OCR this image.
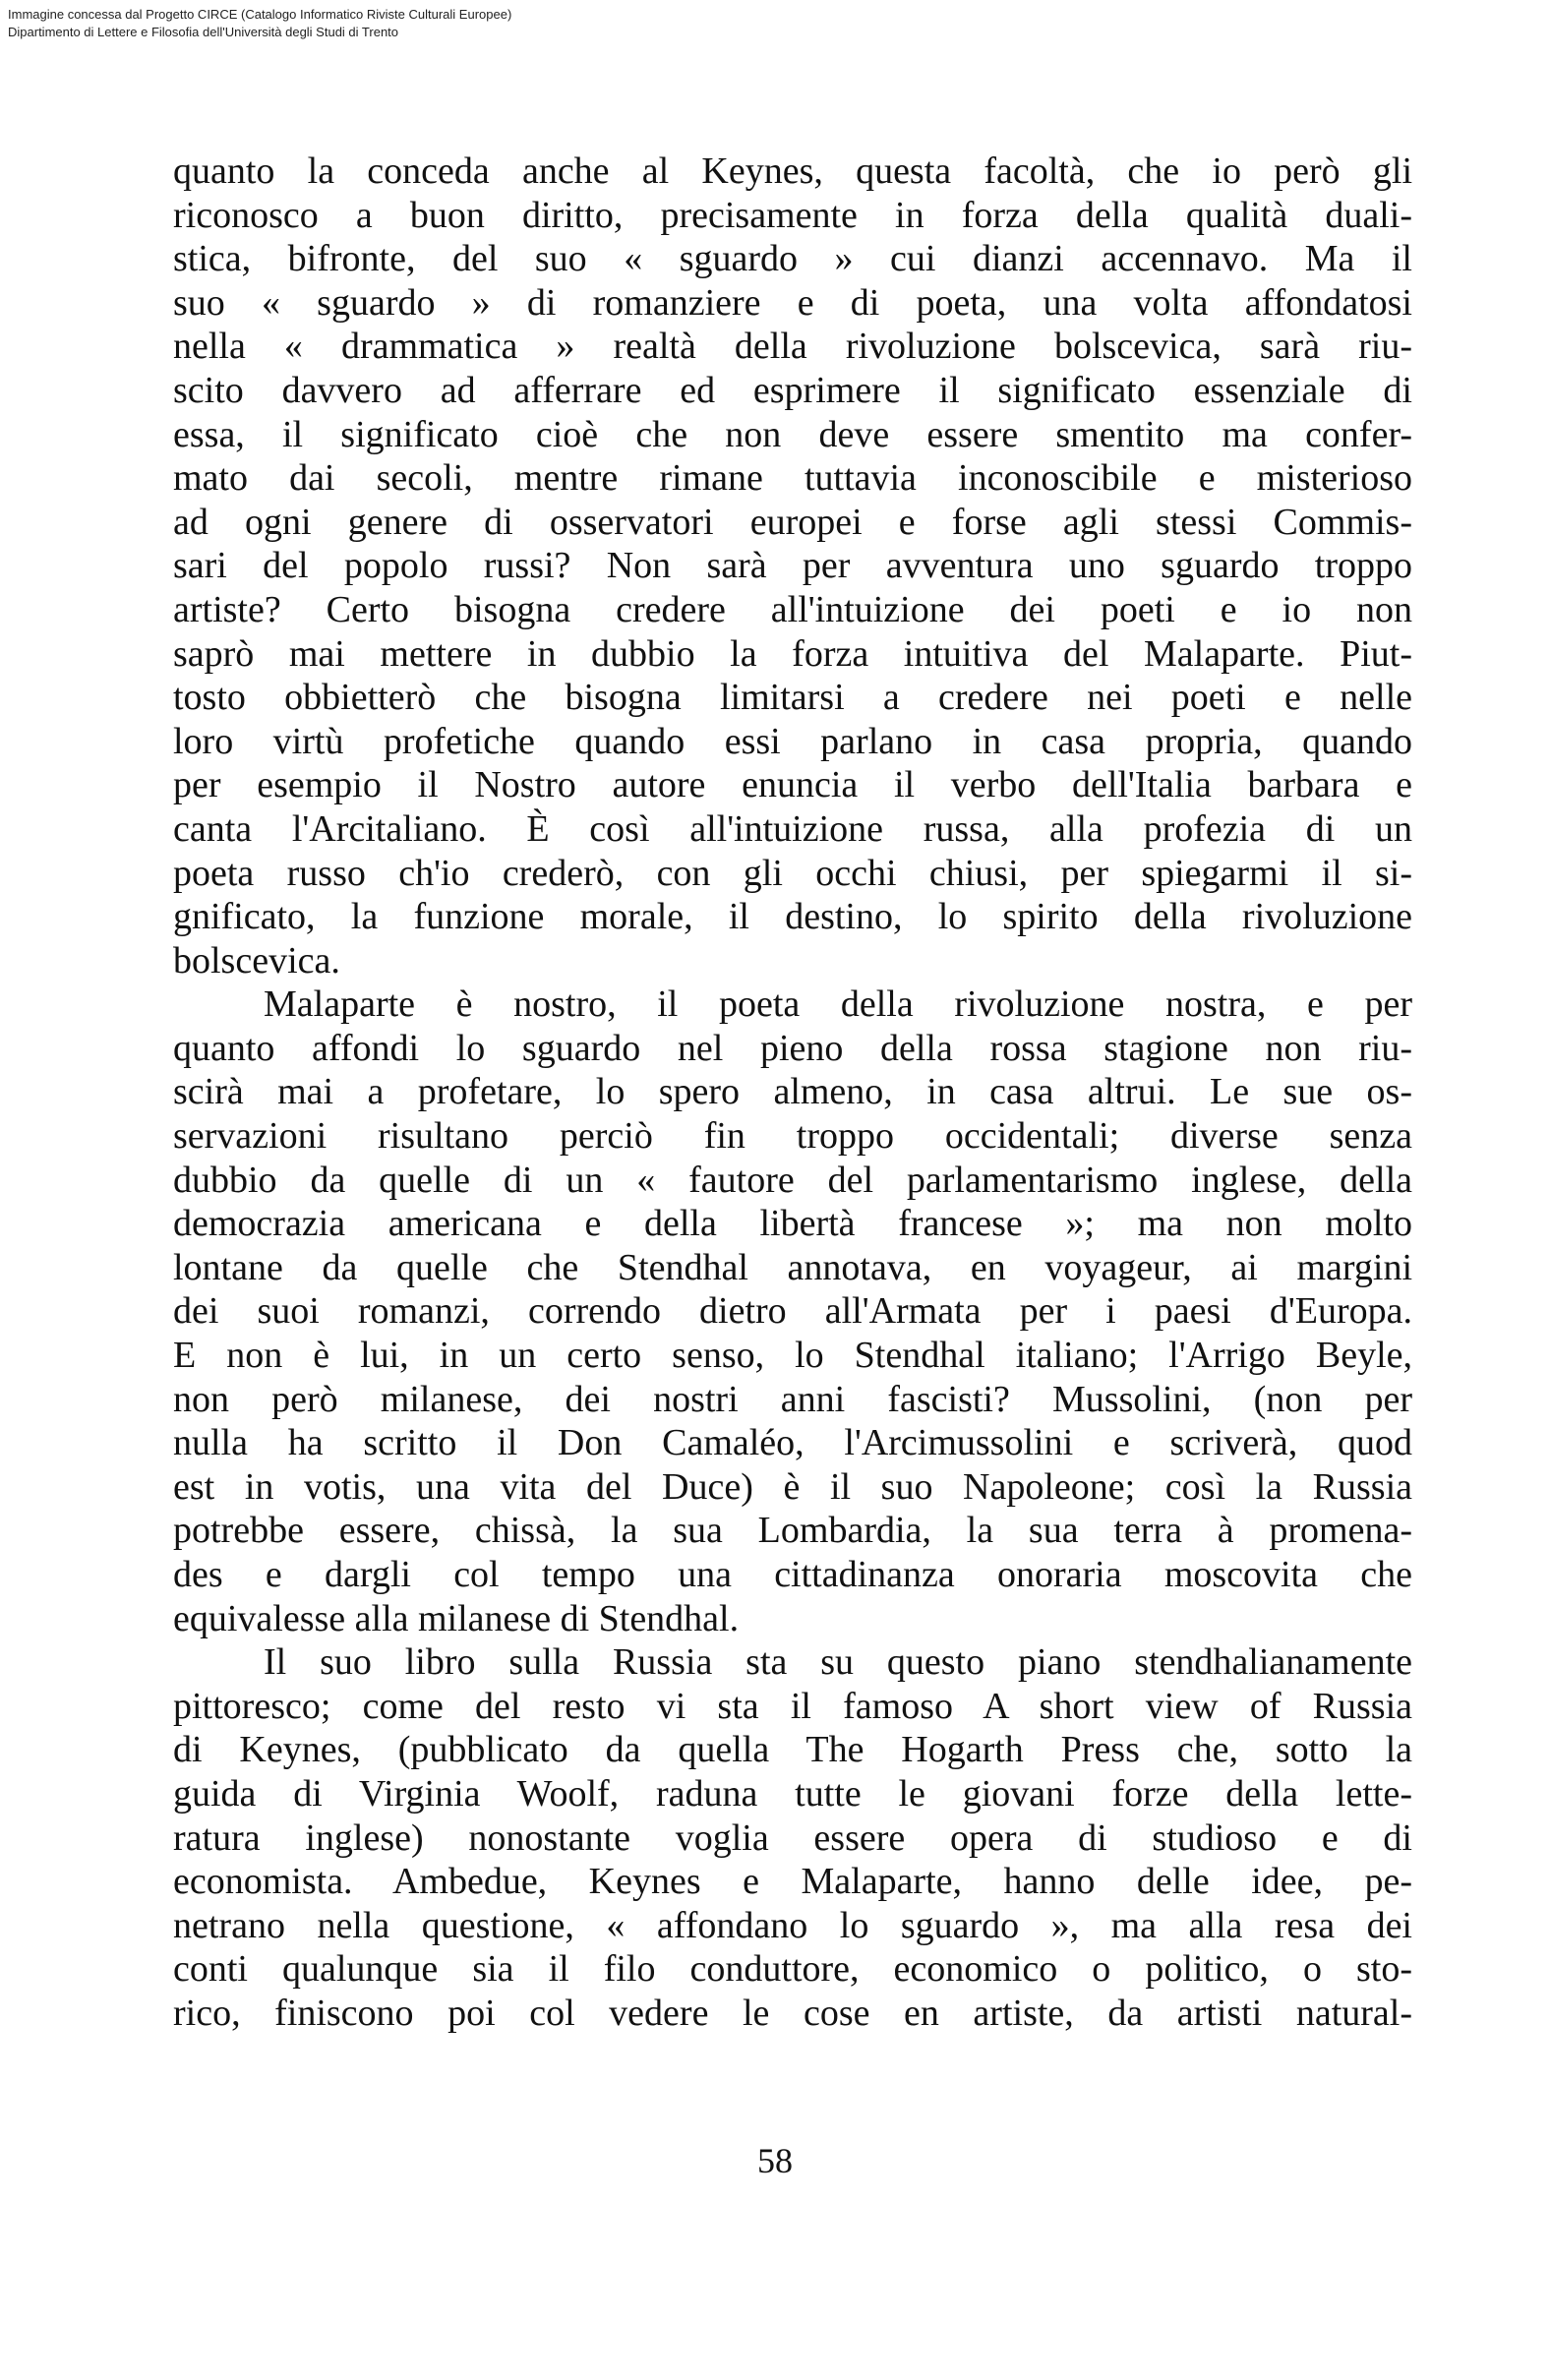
Immagine concessa dal Progetto CIRCE (Catalogo Informatico Riviste Culturali Europee)
Dipartimento di Lettere e Filosofia dell'Università degli Studi di Trento
quanto la conceda anche al Keynes, questa facoltà, che io però gli
riconosco a buon diritto, precisamente in forza della qualità duali-
stica, bifronte, del suo « sguardo » cui dianzi accennavo. Ma il
suo « sguardo » di romanziere e di poeta, una volta affondatosi
nella « drammatica » realtà della rivoluzione bolscevica, sarà riu-
scito davvero ad afferrare ed esprimere il significato essenziale di
essa, il significato cioè che non deve essere smentito ma confer-
mato dai secoli, mentre rimane tuttavia inconoscibile e misterioso
ad ogni genere di osservatori europei e forse agli stessi Commis-
sari del popolo russi? Non sarà per avventura uno sguardo troppo
artiste? Certo bisogna credere all'intuizione dei poeti e io non
saprò mai mettere in dubbio la forza intuitiva del Malaparte. Piut-
tosto obbietterò che bisogna limitarsi a credere nei poeti e nelle
loro virtù profetiche quando essi parlano in casa propria, quando
per esempio il Nostro autore enuncia il verbo dell'Italia barbara e
canta l'Arcitaliano. È così all'intuizione russa, alla profezia di un
poeta russo ch'io crederò, con gli occhi chiusi, per spiegarmi il si-
gnificato, la funzione morale, il destino, lo spirito della rivoluzione
bolscevica.
Malaparte è nostro, il poeta della rivoluzione nostra, e per
quanto affondi lo sguardo nel pieno della rossa stagione non riu-
scirà mai a profetare, lo spero almeno, in casa altrui. Le sue os-
servazioni risultano perciò fin troppo occidentali; diverse senza
dubbio da quelle di un « fautore del parlamentarismo inglese, della
democrazia americana e della libertà francese »; ma non molto
lontane da quelle che Stendhal annotava, en voyageur, ai margini
dei suoi romanzi, correndo dietro all'Armata per i paesi d'Europa.
E non è lui, in un certo senso, lo Stendhal italiano; l'Arrigo Beyle,
non però milanese, dei nostri anni fascisti? Mussolini, (non per
nulla ha scritto il Don Camaléo, l'Arcimussolini e scriverà, quod
est in votis, una vita del Duce) è il suo Napoleone; così la Russia
potrebbe essere, chissà, la sua Lombardia, la sua terra à promena-
des e dargli col tempo una cittadinanza onoraria moscovita che
equivalesse alla milanese di Stendhal.
Il suo libro sulla Russia sta su questo piano stendhalianamente
pittoresco; come del resto vi sta il famoso A short view of Russia
di Keynes, (pubblicato da quella The Hogarth Press che, sotto la
guida di Virginia Woolf, raduna tutte le giovani forze della lette-
ratura inglese) nonostante voglia essere opera di studioso e di
economista. Ambedue, Keynes e Malaparte, hanno delle idee, pe-
netrano nella questione, « affondano lo sguardo », ma alla resa dei
conti qualunque sia il filo conduttore, economico o politico, o sto-
rico, finiscono poi col vedere le cose en artiste, da artisti natural-
58
